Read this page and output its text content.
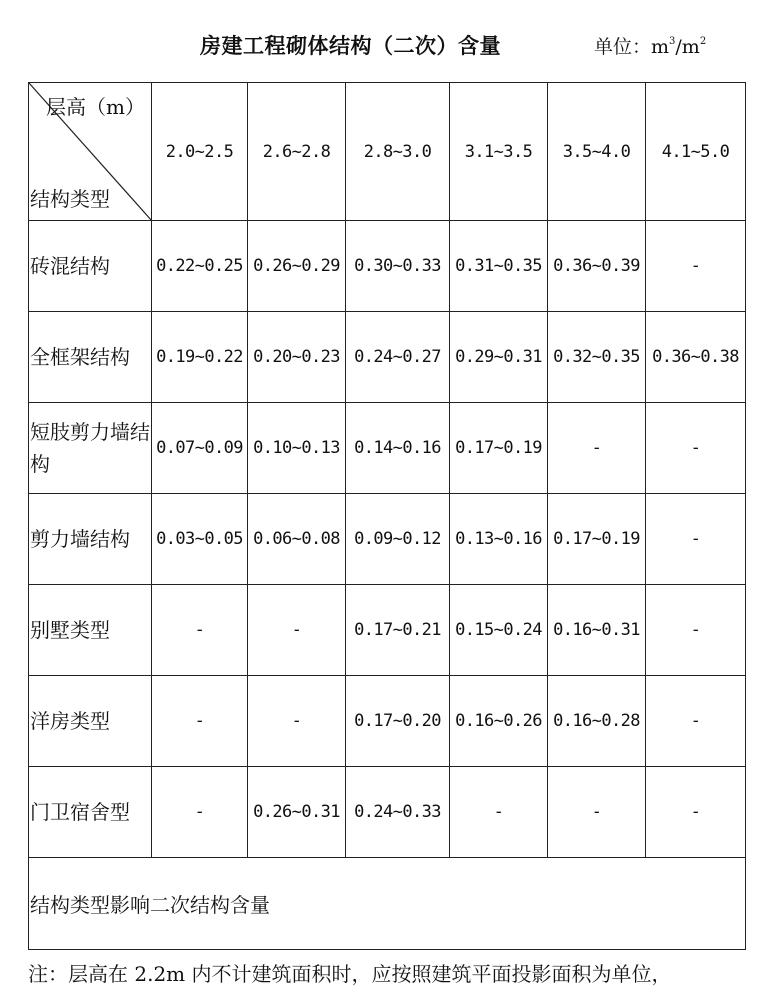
房建工程砌体结构（二次）含量	单位：$m^3/m^2$
层高（m）
结构类型	2.0~2.5	2.6~2.8	2.8~3.0	3.1~3.5	3.5~4.0	4.1~5.0
砖混结构	0.22~0.25	0.26~0.29	0.30~0.33	0.31~0.35	0.36~0.39	-
全框架结构	0.19~0.22	0.20~0.23	0.24~0.27	0.29~0.31	0.32~0.35	0.36~0.38
短肢剪力墙结构	0.07~0.09	0.10~0.13	0.14~0.16	0.17~0.19	-	-
剪力墙结构	0.03~0.05	0.06~0.08	0.09~0.12	0.13~0.16	0.17~0.19	-
别墅类型	-	-	0.17~0.21	0.15~0.24	0.16~0.31	-
洋房类型	-	-	0.17~0.20	0.16~0.26	0.16~0.28	-
门卫宿舍型	-	0.26~0.31	0.24~0.33	-	-	-
结构类型影响二次结构含量						
注：层高在 2.2m 内不计建筑面积时，应按照建筑平面投影面积为单位，
